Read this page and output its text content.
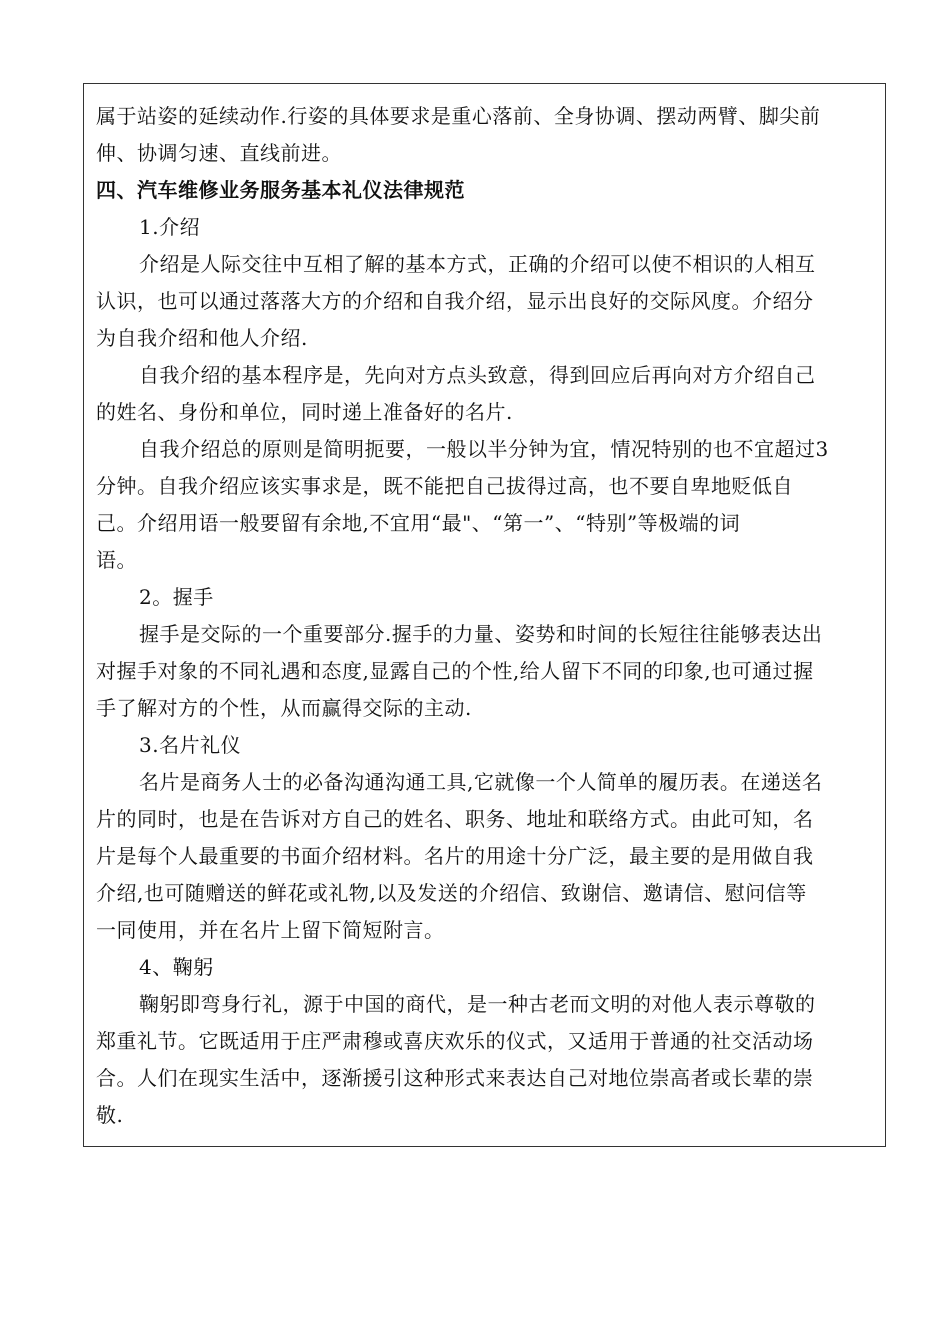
属于站姿的延续动作.行姿的具体要求是重心落前、全身协调、摆动两臂、脚尖前
伸、协调匀速、直线前进。
四、汽车维修业务服务基本礼仪法律规范
1.介绍
介绍是人际交往中互相了解的基本方式，正确的介绍可以使不相识的人相互
认识，也可以通过落落大方的介绍和自我介绍，显示出良好的交际风度。介绍分
为自我介绍和他人介绍.
自我介绍的基本程序是，先向对方点头致意，得到回应后再向对方介绍自己
的姓名、身份和单位，同时递上准备好的名片.
自我介绍总的原则是简明扼要，一般以半分钟为宜，情况特别的也不宜超过3
分钟。自我介绍应该实事求是，既不能把自己拔得过高，也不要自卑地贬低自
己。介绍用语一般要留有余地,不宜用“最"、“第一”、“特别”等极端的词
语。
2。握手
握手是交际的一个重要部分.握手的力量、姿势和时间的长短往往能够表达出
对握手对象的不同礼遇和态度,显露自己的个性,给人留下不同的印象,也可通过握
手了解对方的个性，从而赢得交际的主动.
3.名片礼仪
名片是商务人士的必备沟通沟通工具,它就像一个人简单的履历表。在递送名
片的同时，也是在告诉对方自己的姓名、职务、地址和联络方式。由此可知，名
片是每个人最重要的书面介绍材料。名片的用途十分广泛，最主要的是用做自我
介绍,也可随赠送的鲜花或礼物,以及发送的介绍信、致谢信、邀请信、慰问信等
一同使用，并在名片上留下简短附言。
4、鞠躬
鞠躬即弯身行礼，源于中国的商代，是一种古老而文明的对他人表示尊敬的
郑重礼节。它既适用于庄严肃穆或喜庆欢乐的仪式，又适用于普通的社交活动场
合。人们在现实生活中，逐渐援引这种形式来表达自己对地位崇高者或长辈的崇
敬.
